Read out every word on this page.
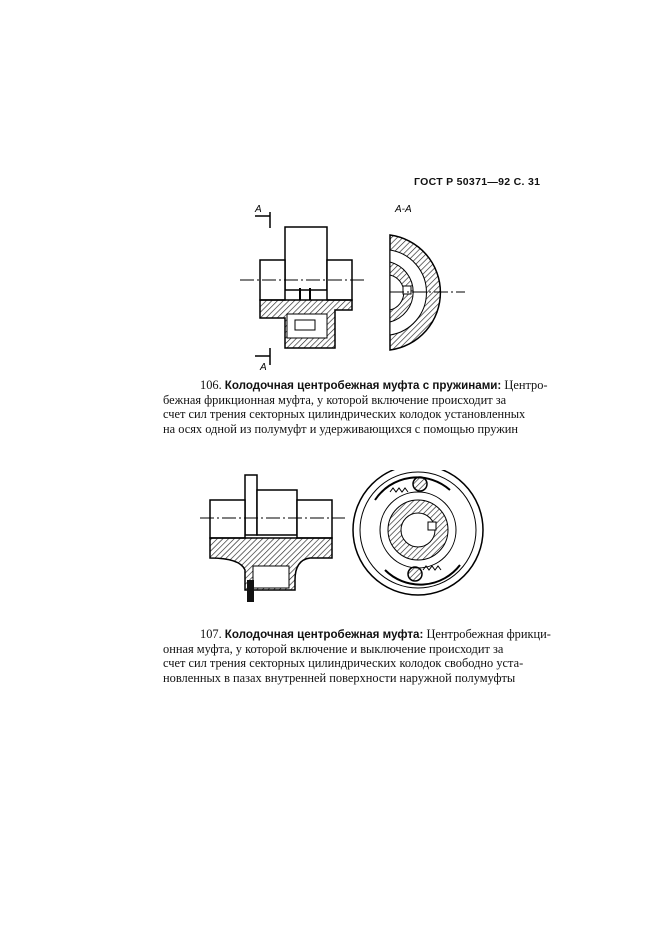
ГОСТ Р 50371—92 С. 31
А
А
А-А
106. Колодочная центробежная муфта с пружинами: Центро-
бежная фрикционная муфта, у которой включение происходит за
счет сил трения секторных цилиндрических колодок установленных
на осях одной из полумуфт и удерживающихся с помощью пружин
107. Колодочная центробежная муфта: Центробежная фрикци-
онная муфта, у которой включение и выключение происходит за
счет сил трения секторных цилиндрических колодок свободно уста-
новленных в пазах внутренней поверхности наружной полумуфты
